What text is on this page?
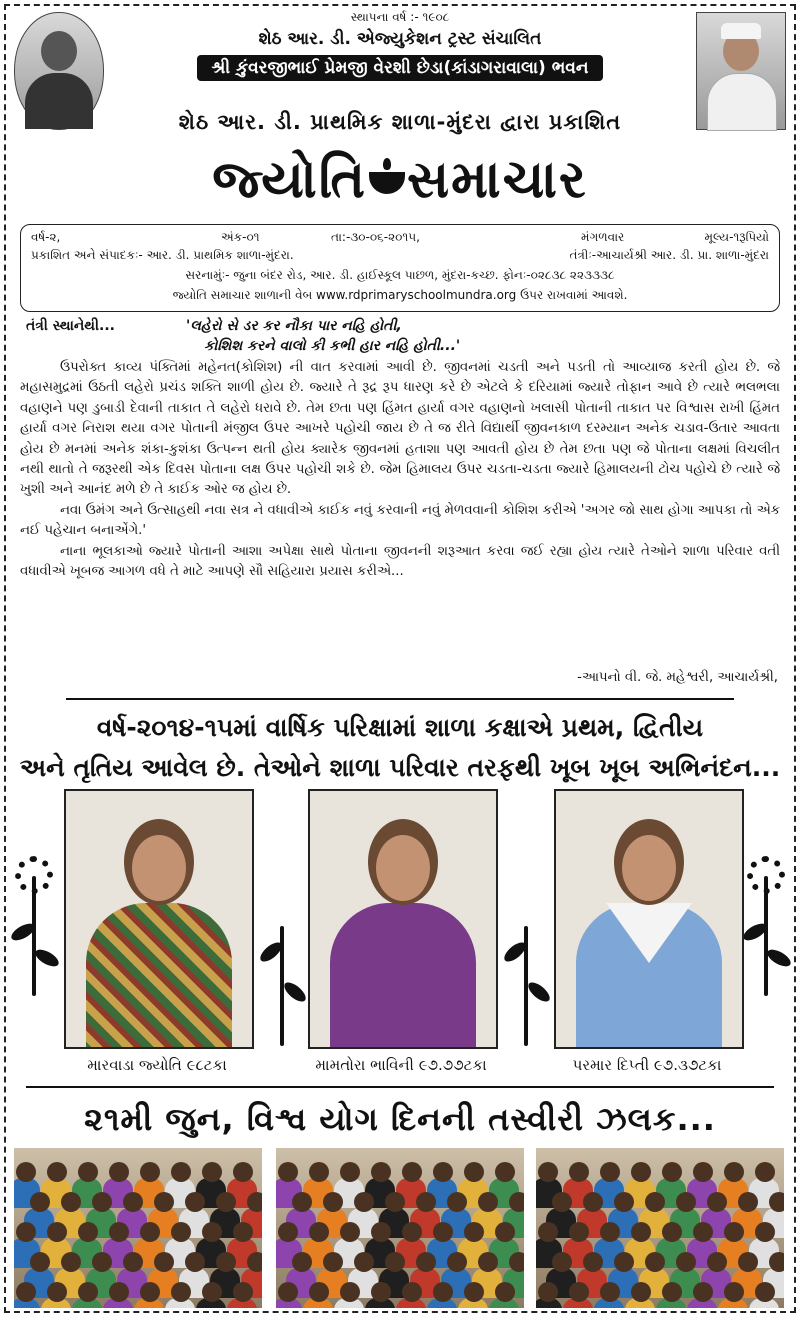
સ્થાપના વર્ષ :- ૧૯૦૮
શેઠ આર. ડી. એજ્યુકેશન ટ્રસ્ટ સંચાલિત
શ્રી કુંવરજીભાઈ પ્રેમજી વેરશી છેડા(કાંડાગરાવાલા) ભવન
શેઠ આર. ડી. પ્રાથમિક શાળા-મુંદરા દ્વારા પ્રકાશિત
જ્યોતિ સમાચાર
વર્ષ-૨,	અંક-૦૧	તા:-૩૦-૦૬-૨૦૧૫,	મંગળવાર	મૂલ્ય-૧રૂપિયો
પ્રકાશિત અને સંપાદકઃ- આર. ડી. પ્રાથમિક શાળા-મુંદરા.	તંત્રીઃ-આચાર્યશ્રી આર. ડી. પ્રા. શાળા-મુંદરા
સરનામુંઃ- જુના બંદર રોડ, આર. ડી. હાઈસ્કૂલ પાછળ, મુંદરા-કચ્છ. ફોનઃ-૦૨૮૩૮ ૨૨૩૩૩૮
જ્યોતિ સમાચાર શાળાની વેબ www.rdprimaryschoolmundra.org ઉપર રાખવામાં આવશે.
તંત્રી સ્થાનેથી...	'લહેરો સે ડર કર નૌકા પાર નહિ હોતી,
કોશિશ કરને વાલો કી કભી હાર નહિ હોતી...'

ઉપરોક્ત કાવ્ય પંક્તિમાં મહેનત(કોશિશ) ની વાત કરવામાં આવી છે. જીવનમાં ચડતી અને પડતી તો આવ્યાજ કરતી હોય છે. જે મહાસમુદ્રમાં ઉઠતી લહેરો પ્રચંડ શક્તિ શાળી હોય છે. જ્યારે તે રૂદ્ર રૂપ ધારણ કરે છે એટલે કે દરિયામાં જ્યારે તોફાન આવે છે ત્યારે ભલભલા વહાણને પણ ડુબાડી દેવાની તાકાત તે લહેરો ધરાવે છે. તેમ છતા પણ હિંમત હાર્યા વગર વહાણનો ખલાસી પોતાની તાકાત પર વિશ્વાસ રાખી હિંમત હાર્યા વગર નિરાશ થયા વગર પોતાની મંજીલ ઉપર આખરે પહોચી જાય છે તે જ રીતે વિદ્યાર્થી જીવનકાળ દરમ્યાન અનેક ચડાવ-ઉતાર આવતા હોય છે મનમાં અનેક શંકા-કુશંકા ઉત્પન્ન થતી હોય ક્યારેક જીવનમાં હતાશા પણ આવતી હોય છે તેમ છતા પણ જે પોતાના લક્ષમાં વિચલીત નથી થાતો તે જરૂરથી એક દિવસ પોતાના લક્ષ ઉપર પહોચી શકે છે. જેમ હિમાલય ઉપર ચડતા-ચડતા જ્યારે હિમાલયની ટોચ પહોચે છે ત્યારે જે ખુશી અને આનંદ મળે છે તે કાઈક ઓર જ હોય છે.

નવા ઉમંગ અને ઉત્સાહથી નવા સત્ર ને વધાવીએ કાઈક નવું કરવાની નવું મેળવવાની કોશિશ કરીએ 'અગર જો સાથ હોગા આપકા તો એક નઈ પહેચાન બનાએંગે.'

નાના ભૂલકાઓ જ્યારે પોતાની આશા અપેક્ષા સાથે પોતાના જીવનની શરૂઆત કરવા જઈ રહ્યા હોય ત્યારે તેઓને શાળા પરિવાર વતી વધાવીએ ખૂબજ આગળ વધે તે માટે આપણે સૌ સહિયારા પ્રયાસ કરીએ...

-આપનો વી. જે. મહેશ્વરી, આચાર્યશ્રી,
વર્ષ-૨૦૧૪-૧૫માં વાર્ષિક પરિક્ષામાં શાળા કક્ષાએ પ્રથમ, દ્વિતીય
અને તૃતિય આવેલ છે. તેઓને શાળા પરિવાર તરફથી ખૂબ ખૂબ અભિનંદન...
મારવાડા જ્યોતિ ૯૮ટકા	મામતોરા ભાવિની ૯૭.૭૭ટકા	પરમાર દિપ્તી ૯૭.૩૭ટકા
૨૧મી જુન, વિશ્વ યોગ દિનની તસ્વીરી ઝલક...
